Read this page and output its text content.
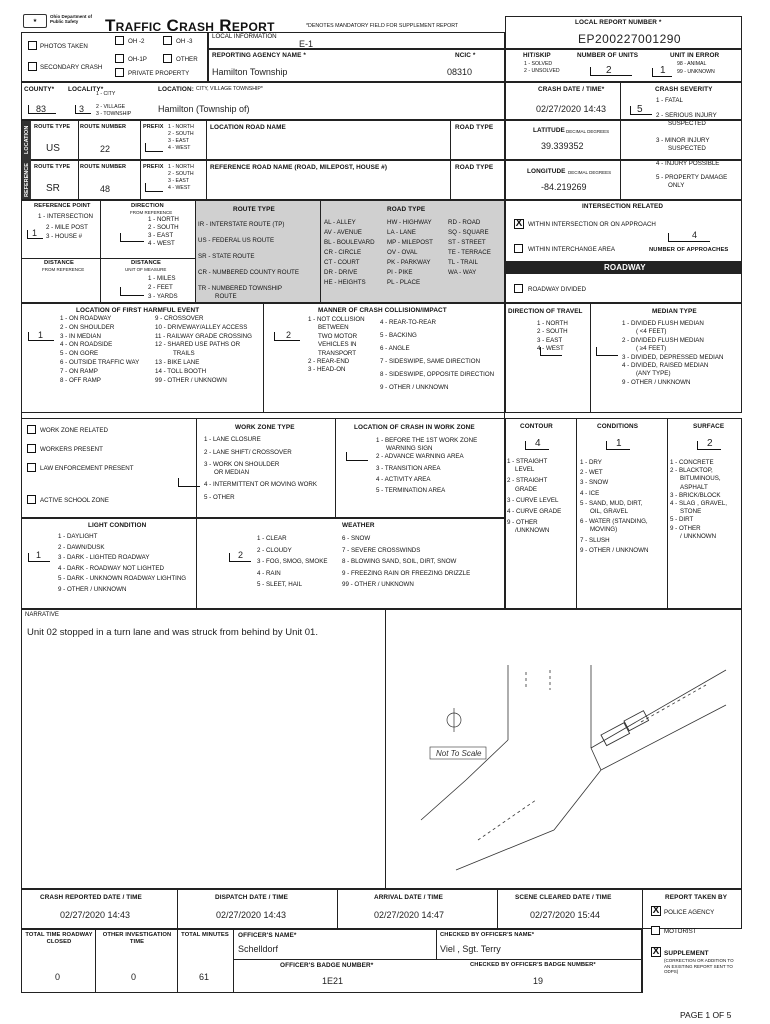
★
Ohio Department of Public Safety	Traffic Crash Report	*DENOTES MANDATORY FIELD FOR SUPPLEMENT REPORT
LOCAL INFORMATION
E-1
LOCAL REPORT NUMBER *
EP200227001290
PHOTOS TAKEN
OH -2	OH -3
OH-1P	OTHER
SECONDARY CRASH
PRIVATE PROPERTY
REPORTING AGENCY NAME *
Hamilton Township
NCIC *
08310
HIT/SKIP
1 - SOLVED
2 - UNSOLVED
NUMBER OF UNITS
2
UNIT IN ERROR
1
98 - ANIMAL
99 - UNKNOWN
COUNTY*
83
LOCALITY*
3
1 - CITY
2 - VILLAGE
3 - TOWNSHIP
LOCATION: CITY, VILLAGE TOWNSHIP*
Hamilton (Township of)
CRASH DATE / TIME*
02/27/2020 14:43
CRASH SEVERITY
5
1 - FATAL
2 - SERIOUS INJURY
SUSPECTED
3 - MINOR INJURY
SUSPECTED
4 - INJURY POSSIBLE
5 - PROPERTY DAMAGE
ONLY
LOCATION
REFERENCE
ROUTE TYPE ROUTE NUMBER	PREFIX 1 - NORTH
2 - SOUTH
3 - EAST
4 - WEST
US	22
LOCATION ROAD NAME	ROAD TYPE
ROUTE TYPE ROUTE NUMBER	PREFIX 1 - NORTH
2 - SOUTH
3 - EAST
4 - WEST
SR	48
REFERENCE ROAD NAME (ROAD, MILEPOST, HOUSE #)	ROAD TYPE
LATITUDE DECIMAL DEGREES
39.339352
LONGITUDE DECIMAL DEGREES
-84.219269
REFERENCE POINT
1
1 - INTERSECTION
2 - MILE POST
3 - HOUSE #
DIRECTION
FROM REFERENCE
1 - NORTH
2 - SOUTH
3 - EAST
4 - WEST
DISTANCE
FROM REFERENCE
DISTANCE
UNIT OF MEASURE
1 - MILES
2 - FEET
3 - YARDS
ROUTE TYPE
IR - INTERSTATE ROUTE (TP)
US - FEDERAL US ROUTE
SR - STATE ROUTE
CR - NUMBERED COUNTY ROUTE
TR - NUMBERED TOWNSHIP
ROUTE
ROAD TYPE
AL - ALLEY
AV - AVENUE
BL - BOULEVARD
CR - CIRCLE
CT - COURT
DR - DRIVE
HE - HEIGHTS
HW - HIGHWAY
LA - LANE
MP - MILEPOST
OV - OVAL
PK - PARKWAY
PI - PIKE
PL - PLACE
RD - ROAD
SQ - SQUARE
ST - STREET
TE - TERRACE
TL - TRAIL
WA - WAY
INTERSECTION RELATED
X WITHIN INTERSECTION OR ON APPROACH
4
WITHIN INTERCHANGE AREA	NUMBER OF APPROACHES
ROADWAY
ROADWAY DIVIDED
LOCATION OF FIRST HARMFUL EVENT
1
1 - ON ROADWAY
2 - ON SHOULDER
3 - IN MEDIAN
4 - ON ROADSIDE
5 - ON GORE
6 - OUTSIDE TRAFFIC WAY
7 - ON RAMP
8 - OFF RAMP
9 - CROSSOVER
10 - DRIVEWAY/ALLEY ACCESS
11 - RAILWAY GRADE CROSSING
12 - SHARED USE PATHS OR
TRAILS
13 - BIKE LANE
14 - TOLL BOOTH
99 - OTHER / UNKNOWN
MANNER OF CRASH COLLISION/IMPACT
2
1 - NOT COLLISION
BETWEEN
TWO MOTOR
VEHICLES IN
TRANSPORT
2 - REAR-END
3 - HEAD-ON
4 - REAR-TO-REAR
5 - BACKING
6 - ANGLE
7 - SIDESWIPE, SAME DIRECTION
8 - SIDESWIPE, OPPOSITE DIRECTION
9 - OTHER / UNKNOWN
DIRECTION OF TRAVEL
1 - NORTH
2 - SOUTH
3 - EAST
4 - WEST
MEDIAN TYPE
1 - DIVIDED FLUSH MEDIAN
( <4 FEET)
2 - DIVIDED FLUSH MEDIAN
( ≥4 FEET)
3 - DIVIDED, DEPRESSED MEDIAN
4 - DIVIDED, RAISED MEDIAN
(ANY TYPE)
9 - OTHER / UNKNOWN
WORK ZONE RELATED
WORKERS PRESENT
LAW ENFORCEMENT PRESENT
ACTIVE SCHOOL ZONE
WORK ZONE TYPE
1 - LANE CLOSURE
2 - LANE SHIFT/ CROSSOVER
3 - WORK ON SHOULDER
OR MEDIAN
4 - INTERMITTENT OR MOVING WORK
5 - OTHER
LOCATION OF CRASH IN WORK ZONE
1 - BEFORE THE 1ST WORK ZONE
WARNING SIGN
2 - ADVANCE WARNING AREA
3 - TRANSITION AREA
4 - ACTIVITY AREA
5 - TERMINATION AREA
CONTOUR
4
1 - STRAIGHT
LEVEL
2 - STRAIGHT
GRADE
3 - CURVE LEVEL
4 - CURVE GRADE
9 - OTHER
/UNKNOWN
CONDITIONS
1
1 - DRY
2 - WET
3 - SNOW
4 - ICE
5 - SAND, MUD, DIRT,
OIL, GRAVEL
6 - WATER (STANDING,
MOVING)
7 - SLUSH
9 - OTHER / UNKNOWN
SURFACE
2
1 - CONCRETE
2 - BLACKTOP,
BITUMINOUS,
ASPHALT
3 - BRICK/BLOCK
4 - SLAG , GRAVEL,
STONE
5 - DIRT
9 - OTHER
/ UNKNOWN
LIGHT CONDITION
1
1 - DAYLIGHT
2 - DAWN/DUSK
3 - DARK - LIGHTED ROADWAY
4 - DARK - ROADWAY NOT LIGHTED
5 - DARK - UNKNOWN ROADWAY LIGHTING
9 - OTHER / UNKNOWN
WEATHER
2
1 - CLEAR
2 - CLOUDY
3 - FOG, SMOG, SMOKE
4 - RAIN
5 - SLEET, HAIL
6 - SNOW
7 - SEVERE CROSSWINDS
8 - BLOWING SAND, SOIL, DIRT, SNOW
9 - FREEZING RAIN OR FREEZING DRIZZLE
99 - OTHER / UNKNOWN
NARRATIVE
Unit 02 stopped in a turn lane and was struck from behind by Unit 01.
Not To Scale
CRASH REPORTED DATE / TIME
02/27/2020 14:43
DISPATCH DATE / TIME
02/27/2020 14:43
ARRIVAL DATE / TIME
02/27/2020 14:47
SCENE CLEARED DATE / TIME
02/27/2020 15:44
REPORT TAKEN BY
X POLICE AGENCY
MOTORIST
X SUPPLEMENT
(CORRECTION OR ADDITION TO AN EXISTING REPORT SENT TO ODPS)
TOTAL TIME ROADWAY CLOSED
OTHER INVESTIGATION TIME
TOTAL MINUTES
0	0	61
OFFICER'S NAME*
Schelldorf
CHECKED BY OFFICER'S NAME*
Viel , Sgt. Terry
OFFICER'S BADGE NUMBER*
1E21
CHECKED BY OFFICER'S BADGE NUMBER*
19
PAGE 1 OF 5
